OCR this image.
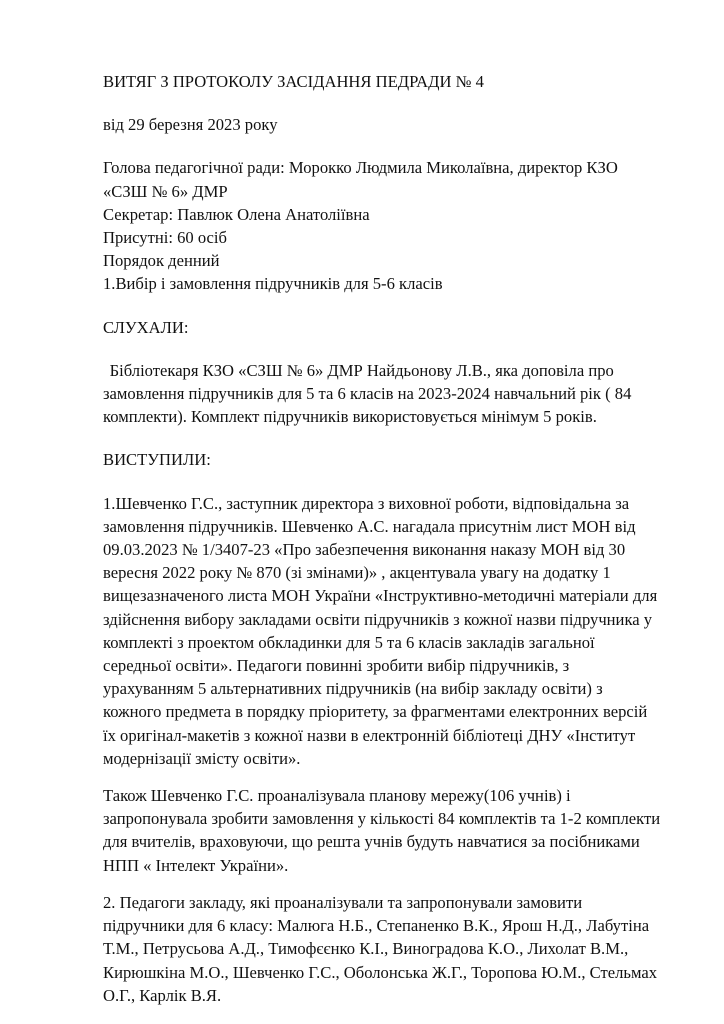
ВИТЯГ З ПРОТОКОЛУ ЗАСІДАННЯ ПЕДРАДИ № 4

від 29 березня 2023 року

Голова педагогічної ради: Морокко Людмила Миколаївна, директор КЗО «СЗШ № 6» ДМР

Секретар: Павлюк Олена Анатоліївна

Присутні: 60 осіб

Порядок денний

1.Вибір і замовлення підручників для 5-6 класів

СЛУХАЛИ:

Бібліотекаря КЗО «СЗШ № 6» ДМР Найдьонову Л.В., яка доповіла про замовлення підручників для 5 та 6 класів на 2023-2024 навчальний рік ( 84 комплекти). Комплект підручників використовується мінімум 5 років.

ВИСТУПИЛИ:

1.Шевченко Г.С., заступник директора з виховної роботи, відповідальна за замовлення підручників. Шевченко А.С. нагадала присутнім лист МОН від 09.03.2023 № 1/3407-23 «Про забезпечення виконання наказу МОН від 30 вересня 2022 року № 870 (зі змінами)» , акцентувала увагу на додатку 1 вищезазначеного листа МОН України «Інструктивно-методичні матеріали для здійснення вибору закладами освіти підручників з кожної назви підручника у комплекті з проектом обкладинки для 5 та 6 класів закладів загальної середньої освіти». Педагоги повинні зробити вибір підручників, з урахуванням 5 альтернативних підручників (на вибір закладу освіти) з кожного предмета в порядку пріоритету, за фрагментами електронних версій їх оригінал-макетів з кожної назви в електронній бібліотеці ДНУ «Інститут модернізації змісту освіти».

Також Шевченко Г.С. проаналізувала планову мережу(106 учнів) і запропонувала зробити замовлення у кількості 84 комплектів та 1-2 комплекти для вчителів, враховуючи, що решта учнів будуть навчатися за посібниками НПП « Інтелект України».

2. Педагоги закладу, які проаналізували та запропонували замовити підручники для 6 класу: Малюга Н.Б., Степаненко В.К., Ярош Н.Д., Лабутіна Т.М., Петрусьова А.Д., Тимофєєнко К.І., Виноградова К.О., Лихолат В.М., Кирюшкіна М.О., Шевченко Г.С., Оболонська Ж.Г., Торопова Ю.М., Стельмах О.Г., Карлік В.Я.
